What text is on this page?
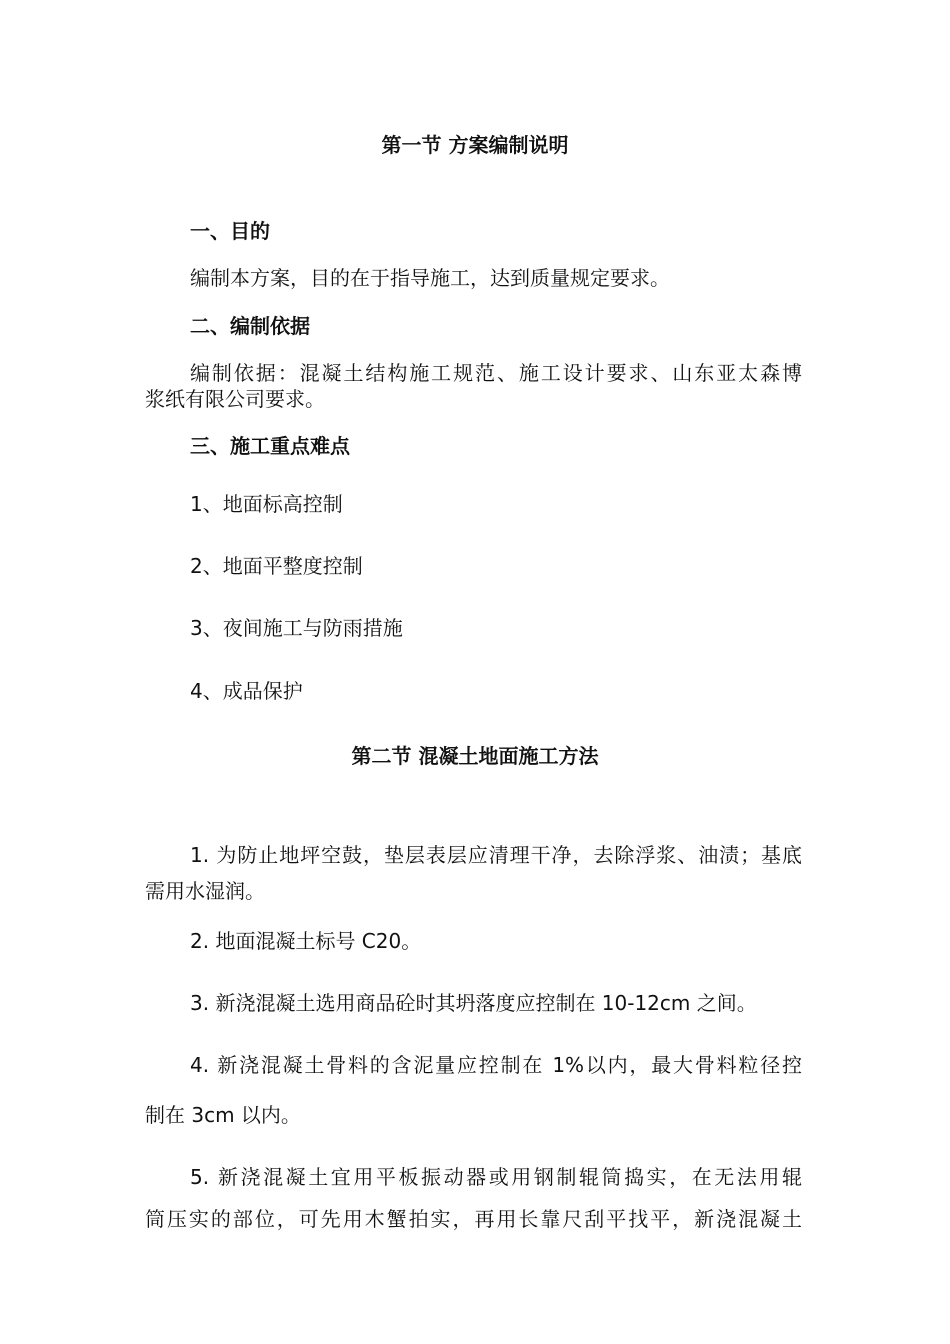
第一节 方案编制说明
一、目的
编制本方案，目的在于指导施工，达到质量规定要求。
二、编制依据
编制依据：混凝土结构施工规范、施工设计要求、山东亚太森博
浆纸有限公司要求。
三、施工重点难点
1、地面标高控制
2、地面平整度控制
3、夜间施工与防雨措施
4、成品保护
第二节 混凝土地面施工方法
1. 为防止地坪空鼓，垫层表层应清理干净，去除浮浆、油渍；基底
需用水湿润。
2. 地面混凝土标号 C20。
3. 新浇混凝土选用商品砼时其坍落度应控制在 10-12cm 之间。
4. 新浇混凝土骨料的含泥量应控制在 1%以内，最大骨料粒径控
制在 3cm 以内。
5. 新浇混凝土宜用平板振动器或用钢制辊筒捣实，在无法用辊
筒压实的部位，可先用木蟹拍实，再用长靠尺刮平找平，新浇混凝土
